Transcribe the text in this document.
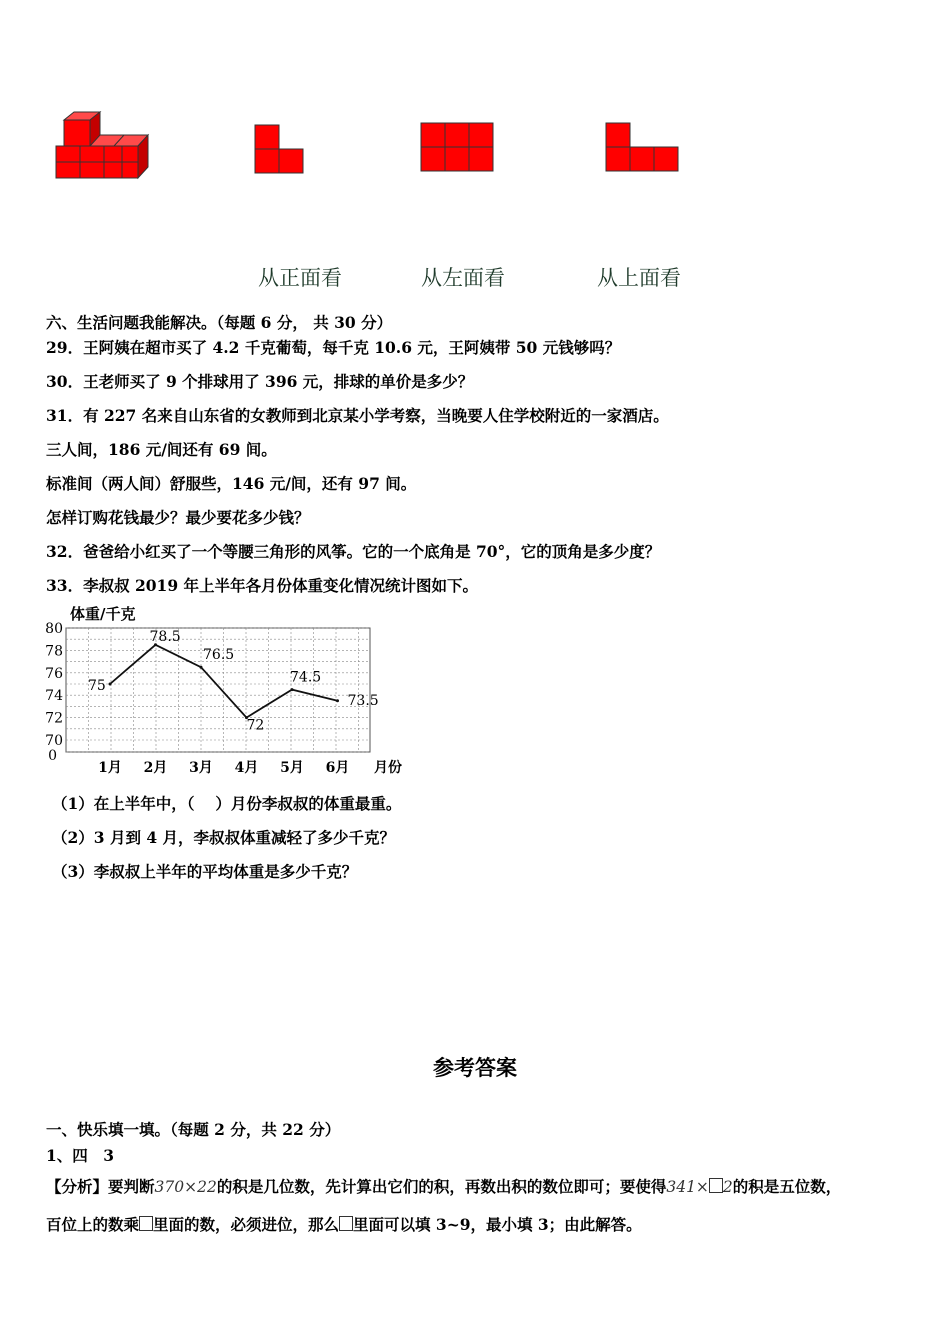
从正面看	从左面看	从上面看
六、生活问题我能解决。（每题 6 分， 共 30 分）
29．王阿姨在超市买了 4.2 千克葡萄，每千克 10.6 元，王阿姨带 50 元钱够吗？
30．王老师买了 9 个排球用了 396 元，排球的单价是多少？
31．有 227 名来自山东省的女教师到北京某小学考察，当晚要人住学校附近的一家酒店。
三人间，186 元/间还有 69 间。
标准间（两人间）舒服些，146 元/间，还有 97 间。
怎样订购花钱最少？最少要花多少钱？
32．爸爸给小红买了一个等腰三角形的风筝。它的一个底角是 70°，它的顶角是多少度？
33．李叔叔 2019 年上半年各月份体重变化情况统计图如下。
80
78
76
74
72
70
0
体重/千克
1月 2月 3月 4月 5月 6月 月份
75
78.5
76.5
72
74.5
73.5
（1）在上半年中，（　 ）月份李叔叔的体重最重。
（2）3 月到 4 月，李叔叔体重减轻了多少千克？
（3）李叔叔上半年的平均体重是多少千克？
参考答案
一、快乐填一填。（每题 2 分，共 22 分）
1、四　3
【分析】要判断370×22的积是几位数，先计算出它们的积，再数出积的数位即可；要使得341× 2的积是五位数，
百位上的数乘 里面的数，必须进位，那么 里面可以填 3~9，最小填 3；由此解答。
